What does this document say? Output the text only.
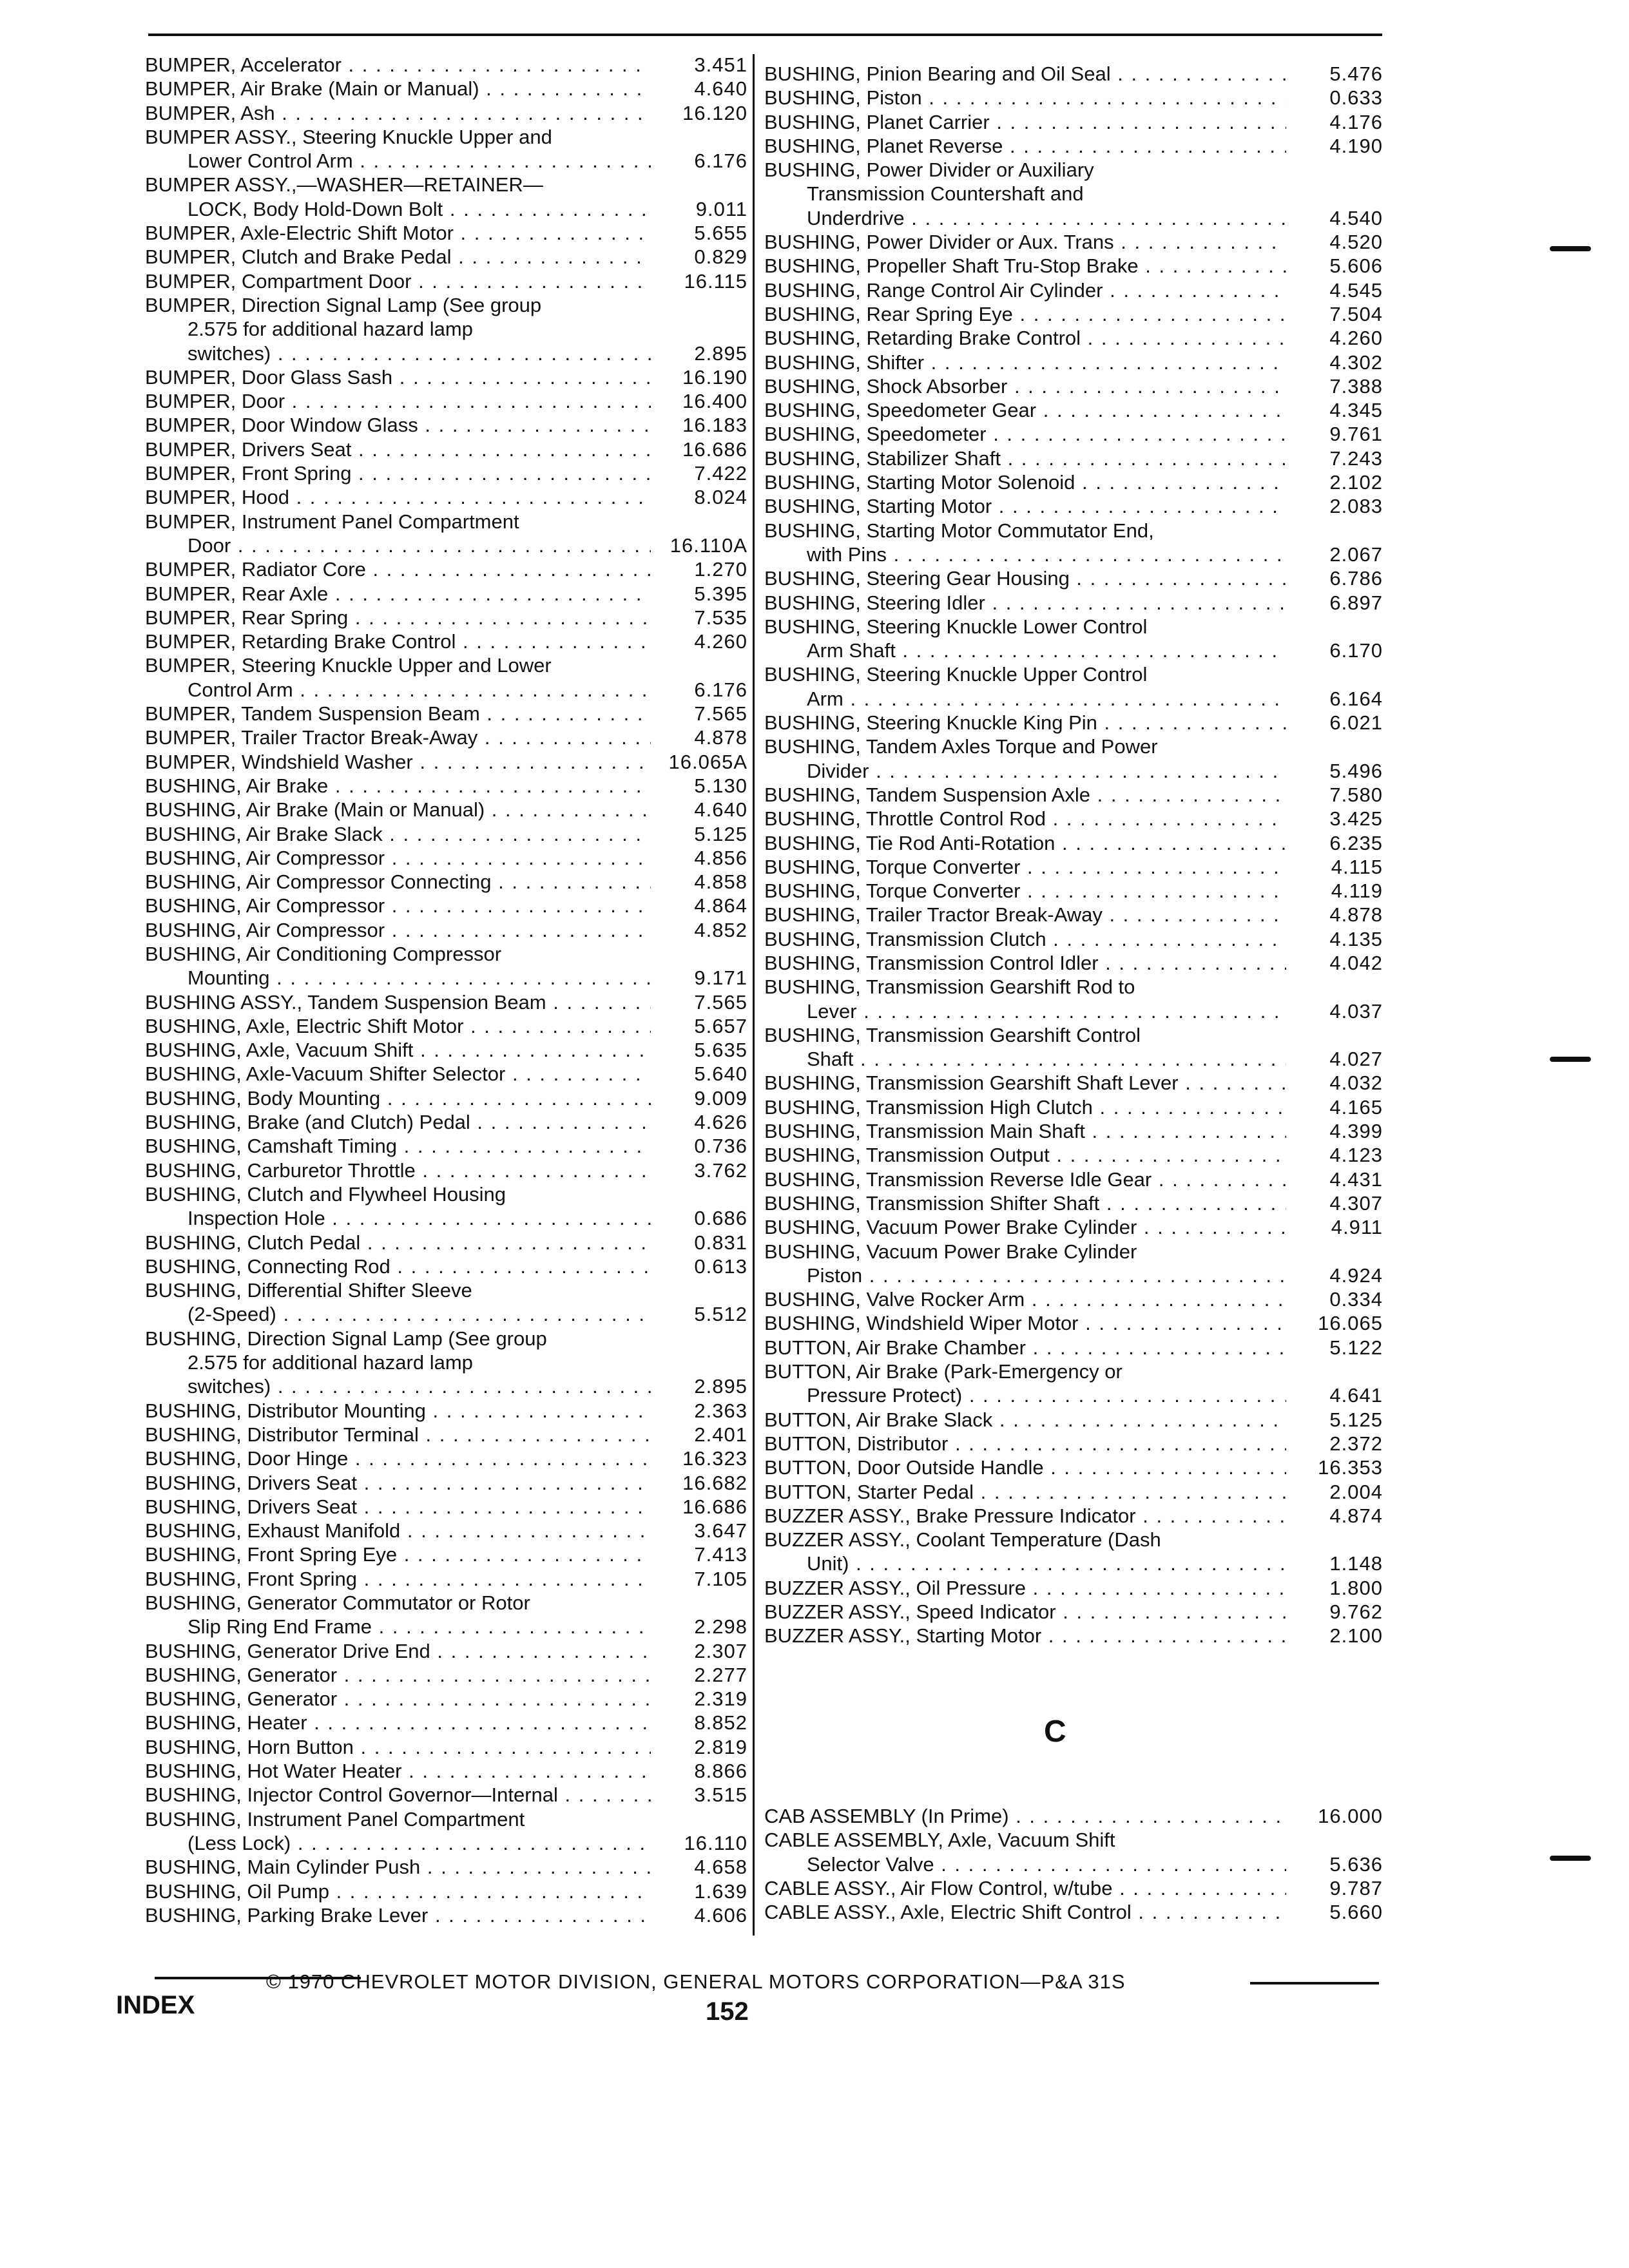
BUMPER, Accelerator . . .	3.451
BUMPER, Air Brake (Main or Manual) . . .	4.640
BUMPER, Ash . . .	16.120
BUMPER ASSY., Steering Knuckle Upper and
Lower Control Arm . . .	6.176
BUMPER ASSY.,—WASHER—RETAINER—
LOCK, Body Hold-Down Bolt . . .	9.011
BUMPER, Axle-Electric Shift Motor . . .	5.655
BUMPER, Clutch and Brake Pedal . . .	0.829
BUMPER, Compartment Door . . .	16.115
BUMPER, Direction Signal Lamp (See group
2.575 for additional hazard lamp
switches) . . .	2.895
BUMPER, Door Glass Sash . . .	16.190
BUMPER, Door . . .	16.400
BUMPER, Door Window Glass . . .	16.183
BUMPER, Drivers Seat . . .	16.686
BUMPER, Front Spring . . .	7.422
BUMPER, Hood . . .	8.024
BUMPER, Instrument Panel Compartment
Door . . .	16.110A
BUMPER, Radiator Core . . .	1.270
BUMPER, Rear Axle . . .	5.395
BUMPER, Rear Spring . . .	7.535
BUMPER, Retarding Brake Control . . .	4.260
BUMPER, Steering Knuckle Upper and Lower
Control Arm . . .	6.176
BUMPER, Tandem Suspension Beam . . .	7.565
BUMPER, Trailer Tractor Break-Away . . .	4.878
BUMPER, Windshield Washer . . .	16.065A
BUSHING, Air Brake . . .	5.130
BUSHING, Air Brake (Main or Manual) . . .	4.640
BUSHING, Air Brake Slack . . .	5.125
BUSHING, Air Compressor . . .	4.856
BUSHING, Air Compressor Connecting . . .	4.858
BUSHING, Air Compressor . . .	4.864
BUSHING, Air Compressor . . .	4.852
BUSHING, Air Conditioning Compressor
Mounting . . .	9.171
BUSHING ASSY., Tandem Suspension Beam . . .	7.565
BUSHING, Axle, Electric Shift Motor . . .	5.657
BUSHING, Axle, Vacuum Shift . . .	5.635
BUSHING, Axle-Vacuum Shifter Selector . . .	5.640
BUSHING, Body Mounting . . .	9.009
BUSHING, Brake (and Clutch) Pedal . . .	4.626
BUSHING, Camshaft Timing . . .	0.736
BUSHING, Carburetor Throttle . . .	3.762
BUSHING, Clutch and Flywheel Housing
Inspection Hole . . .	0.686
BUSHING, Clutch Pedal . . .	0.831
BUSHING, Connecting Rod . . .	0.613
BUSHING, Differential Shifter Sleeve
(2-Speed) . . .	5.512
BUSHING, Direction Signal Lamp (See group
2.575 for additional hazard lamp
switches) . . .	2.895
BUSHING, Distributor Mounting . . .	2.363
BUSHING, Distributor Terminal . . .	2.401
BUSHING, Door Hinge . . .	16.323
BUSHING, Drivers Seat . . .	16.682
BUSHING, Drivers Seat . . .	16.686
BUSHING, Exhaust Manifold . . .	3.647
BUSHING, Front Spring Eye . . .	7.413
BUSHING, Front Spring . . .	7.105
BUSHING, Generator Commutator or Rotor
Slip Ring End Frame . . .	2.298
BUSHING, Generator Drive End . . .	2.307
BUSHING, Generator . . .	2.277
BUSHING, Generator . . .	2.319
BUSHING, Heater . . .	8.852
BUSHING, Horn Button . . .	2.819
BUSHING, Hot Water Heater . . .	8.866
BUSHING, Injector Control Governor—Internal . . .	3.515
BUSHING, Instrument Panel Compartment
(Less Lock) . . .	16.110
BUSHING, Main Cylinder Push . . .	4.658
BUSHING, Oil Pump . . .	1.639
BUSHING, Parking Brake Lever . . .	4.606
BUSHING, Pinion Bearing and Oil Seal . . .	5.476
BUSHING, Piston . . .	0.633
BUSHING, Planet Carrier . . .	4.176
BUSHING, Planet Reverse . . .	4.190
BUSHING, Power Divider or Auxiliary
Transmission Countershaft and
Underdrive . . .	4.540
BUSHING, Power Divider or Aux. Trans . . .	4.520
BUSHING, Propeller Shaft Tru-Stop Brake . . .	5.606
BUSHING, Range Control Air Cylinder . . .	4.545
BUSHING, Rear Spring Eye . . .	7.504
BUSHING, Retarding Brake Control . . .	4.260
BUSHING, Shifter . . .	4.302
BUSHING, Shock Absorber . . .	7.388
BUSHING, Speedometer Gear . . .	4.345
BUSHING, Speedometer . . .	9.761
BUSHING, Stabilizer Shaft . . .	7.243
BUSHING, Starting Motor Solenoid . . .	2.102
BUSHING, Starting Motor . . .	2.083
BUSHING, Starting Motor Commutator End,
with Pins . . .	2.067
BUSHING, Steering Gear Housing . . .	6.786
BUSHING, Steering Idler . . .	6.897
BUSHING, Steering Knuckle Lower Control
Arm Shaft . . .	6.170
BUSHING, Steering Knuckle Upper Control
Arm . . .	6.164
BUSHING, Steering Knuckle King Pin . . .	6.021
BUSHING, Tandem Axles Torque and Power
Divider . . .	5.496
BUSHING, Tandem Suspension Axle . . .	7.580
BUSHING, Throttle Control Rod . . .	3.425
BUSHING, Tie Rod Anti-Rotation . . .	6.235
BUSHING, Torque Converter . . .	4.115
BUSHING, Torque Converter . . .	4.119
BUSHING, Trailer Tractor Break-Away . . .	4.878
BUSHING, Transmission Clutch . . .	4.135
BUSHING, Transmission Control Idler . . .	4.042
BUSHING, Transmission Gearshift Rod to
Lever . . .	4.037
BUSHING, Transmission Gearshift Control
Shaft . . .	4.027
BUSHING, Transmission Gearshift Shaft Lever . . .	4.032
BUSHING, Transmission High Clutch . . .	4.165
BUSHING, Transmission Main Shaft . . .	4.399
BUSHING, Transmission Output . . .	4.123
BUSHING, Transmission Reverse Idle Gear . . .	4.431
BUSHING, Transmission Shifter Shaft . . .	4.307
BUSHING, Vacuum Power Brake Cylinder . . .	4.911
BUSHING, Vacuum Power Brake Cylinder
Piston . . .	4.924
BUSHING, Valve Rocker Arm . . .	0.334
BUSHING, Windshield Wiper Motor . . .	16.065
BUTTON, Air Brake Chamber . . .	5.122
BUTTON, Air Brake (Park-Emergency or
Pressure Protect) . . .	4.641
BUTTON, Air Brake Slack . . .	5.125
BUTTON, Distributor . . .	2.372
BUTTON, Door Outside Handle . . .	16.353
BUTTON, Starter Pedal . . .	2.004
BUZZER ASSY., Brake Pressure Indicator . . .	4.874
BUZZER ASSY., Coolant Temperature (Dash
Unit) . . .	1.148
BUZZER ASSY., Oil Pressure . . .	1.800
BUZZER ASSY., Speed Indicator . . .	9.762
BUZZER ASSY., Starting Motor . . .	2.100
C
CAB ASSEMBLY (In Prime) . . .	16.000
CABLE ASSEMBLY, Axle, Vacuum Shift
Selector Valve . . .	5.636
CABLE ASSY., Air Flow Control, w/tube . . .	9.787
CABLE ASSY., Axle, Electric Shift Control . . .	5.660
INDEX
© 1970 CHEVROLET MOTOR DIVISION, GENERAL MOTORS CORPORATION—P&A 31S
152
